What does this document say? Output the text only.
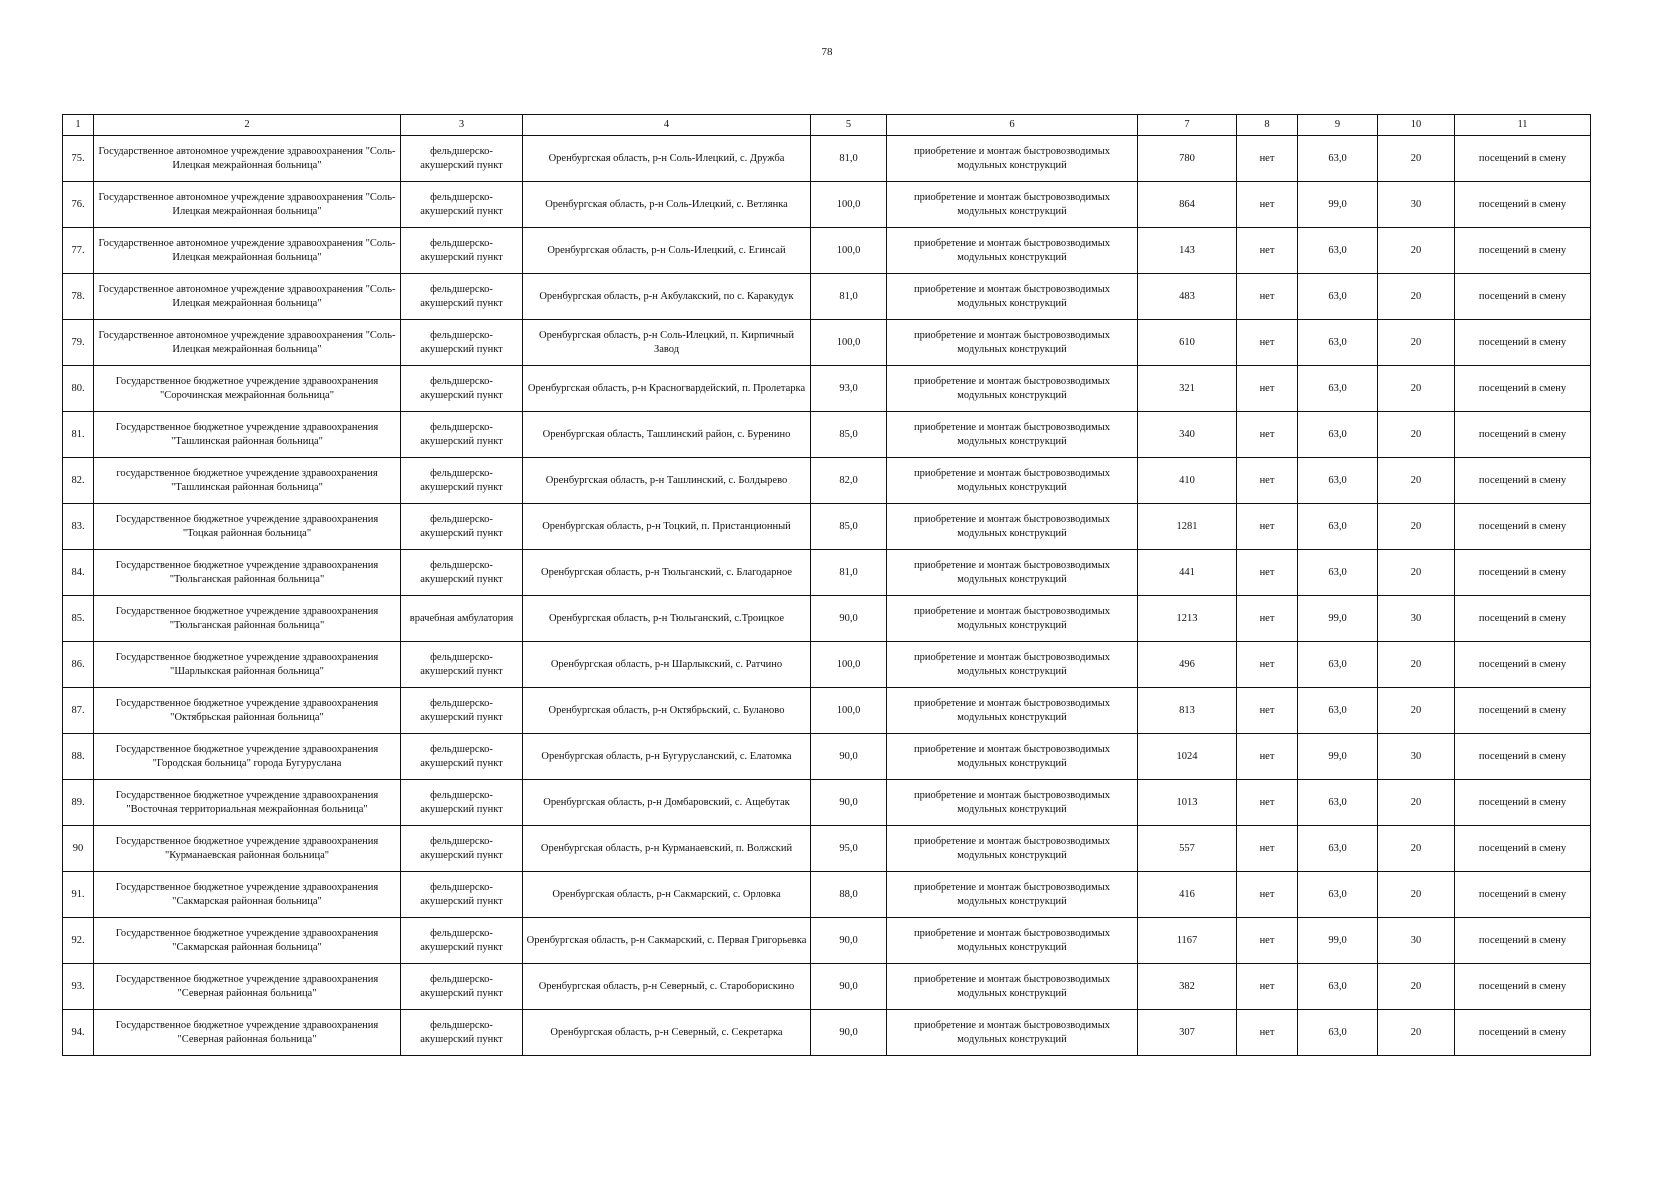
78
1	2	3	4	5	6	7	8	9	10	11
75.	Государственное автономное учреждение здравоохранения "Соль-Илецкая межрайонная больница"	фельдшерско-акушерский пункт	Оренбургская область, р-н Соль-Илецкий, с. Дружба	81,0	приобретение и монтаж быстровозводимых модульных конструкций	780	нет	63,0	20	посещений в смену
76.	Государственное автономное учреждение здравоохранения "Соль-Илецкая межрайонная больница"	фельдшерско-акушерский пункт	Оренбургская область, р-н Соль-Илецкий, с. Ветлянка	100,0	приобретение и монтаж быстровозводимых модульных конструкций	864	нет	99,0	30	посещений в смену
77.	Государственное автономное учреждение здравоохранения "Соль-Илецкая межрайонная больница"	фельдшерско-акушерский пункт	Оренбургская область, р-н Соль-Илецкий, с. Егинсай	100,0	приобретение и монтаж быстровозводимых модульных конструкций	143	нет	63,0	20	посещений в смену
78.	Государственное автономное учреждение здравоохранения "Соль-Илецкая межрайонная больница"	фельдшерско-акушерский пункт	Оренбургская область, р-н Акбулакский, по с. Каракудук	81,0	приобретение и монтаж быстровозводимых модульных конструкций	483	нет	63,0	20	посещений в смену
79.	Государственное автономное учреждение здравоохранения "Соль-Илецкая межрайонная больница"	фельдшерско-акушерский пункт	Оренбургская область, р-н Соль-Илецкий, п. Кирпичный Завод	100,0	приобретение и монтаж быстровозводимых модульных конструкций	610	нет	63,0	20	посещений в смену
80.	Государственное бюджетное учреждение здравоохранения "Сорочинская межрайонная больница"	фельдшерско-акушерский пункт	Оренбургская область, р-н Красногвардейский, п. Пролетарка	93,0	приобретение и монтаж быстровозводимых модульных конструкций	321	нет	63,0	20	посещений в смену
81.	Государственное бюджетное учреждение здравоохранения "Ташлинская районная больница"	фельдшерско-акушерский пункт	Оренбургская область, Ташлинский район, с. Буренино	85,0	приобретение и монтаж быстровозводимых модульных конструкций	340	нет	63,0	20	посещений в смену
82.	государственное бюджетное учреждение здравоохранения "Ташлинская районная больница"	фельдшерско-акушерский пункт	Оренбургская область, р-н Ташлинский, с. Болдырево	82,0	приобретение и монтаж быстровозводимых модульных конструкций	410	нет	63,0	20	посещений в смену
83.	Государственное бюджетное учреждение здравоохранения "Тоцкая районная больница"	фельдшерско-акушерский пункт	Оренбургская область, р-н Тоцкий, п. Пристанционный	85,0	приобретение и монтаж быстровозводимых модульных конструкций	1281	нет	63,0	20	посещений в смену
84.	Государственное бюджетное учреждение здравоохранения "Тюльганская районная больница"	фельдшерско-акушерский пункт	Оренбургская область, р-н Тюльганский, с. Благодарное	81,0	приобретение и монтаж быстровозводимых модульных конструкций	441	нет	63,0	20	посещений в смену
85.	Государственное бюджетное учреждение здравоохранения "Тюльганская районная больница"	врачебная амбулатория	Оренбургская область, р-н Тюльганский, с.Троицкое	90,0	приобретение и монтаж быстровозводимых модульных конструкций	1213	нет	99,0	30	посещений в смену
86.	Государственное бюджетное учреждение здравоохранения "Шарлыкская районная больница"	фельдшерско-акушерский пункт	Оренбургская область, р-н Шарлыкский, с. Ратчино	100,0	приобретение и монтаж быстровозводимых модульных конструкций	496	нет	63,0	20	посещений в смену
87.	Государственное бюджетное учреждение здравоохранения "Октябрьская районная больница"	фельдшерско-акушерский пункт	Оренбургская область, р-н Октябрьский, с. Буланово	100,0	приобретение и монтаж быстровозводимых модульных конструкций	813	нет	63,0	20	посещений в смену
88.	Государственное бюджетное учреждение здравоохранения "Городская больница" города Бугуруслана	фельдшерско-акушерский пункт	Оренбургская область, р-н Бугурусланский, с. Елатомка	90,0	приобретение и монтаж быстровозводимых модульных конструкций	1024	нет	99,0	30	посещений в смену
89.	Государственное бюджетное учреждение здравоохранения "Восточная территориальная межрайонная больница"	фельдшерско-акушерский пункт	Оренбургская область, р-н Домбаровский, с. Ащебутак	90,0	приобретение и монтаж быстровозводимых модульных конструкций	1013	нет	63,0	20	посещений в смену
90	Государственное бюджетное учреждение здравоохранения "Курманаевская районная больница"	фельдшерско-акушерский пункт	Оренбургская область, р-н Курманаевский, п. Волжский	95,0	приобретение и монтаж быстровозводимых модульных конструкций	557	нет	63,0	20	посещений в смену
91.	Государственное бюджетное учреждение здравоохранения "Сакмарская районная больница"	фельдшерско-акушерский пункт	Оренбургская область, р-н Сакмарский, с. Орловка	88,0	приобретение и монтаж быстровозводимых модульных конструкций	416	нет	63,0	20	посещений в смену
92.	Государственное бюджетное учреждение здравоохранения "Сакмарская районная больница"	фельдшерско-акушерский пункт	Оренбургская область, р-н Сакмарский, с. Первая Григорьевка	90,0	приобретение и монтаж быстровозводимых модульных конструкций	1167	нет	99,0	30	посещений в смену
93.	Государственное бюджетное учреждение здравоохранения "Северная районная больница"	фельдшерско-акушерский пункт	Оренбургская область, р-н Северный, с. Староборискино	90,0	приобретение и монтаж быстровозводимых модульных конструкций	382	нет	63,0	20	посещений в смену
94.	Государственное бюджетное учреждение здравоохранения "Северная районная больница"	фельдшерско-акушерский пункт	Оренбургская область, р-н Северный, с. Секретарка	90,0	приобретение и монтаж быстровозводимых модульных конструкций	307	нет	63,0	20	посещений в смену
